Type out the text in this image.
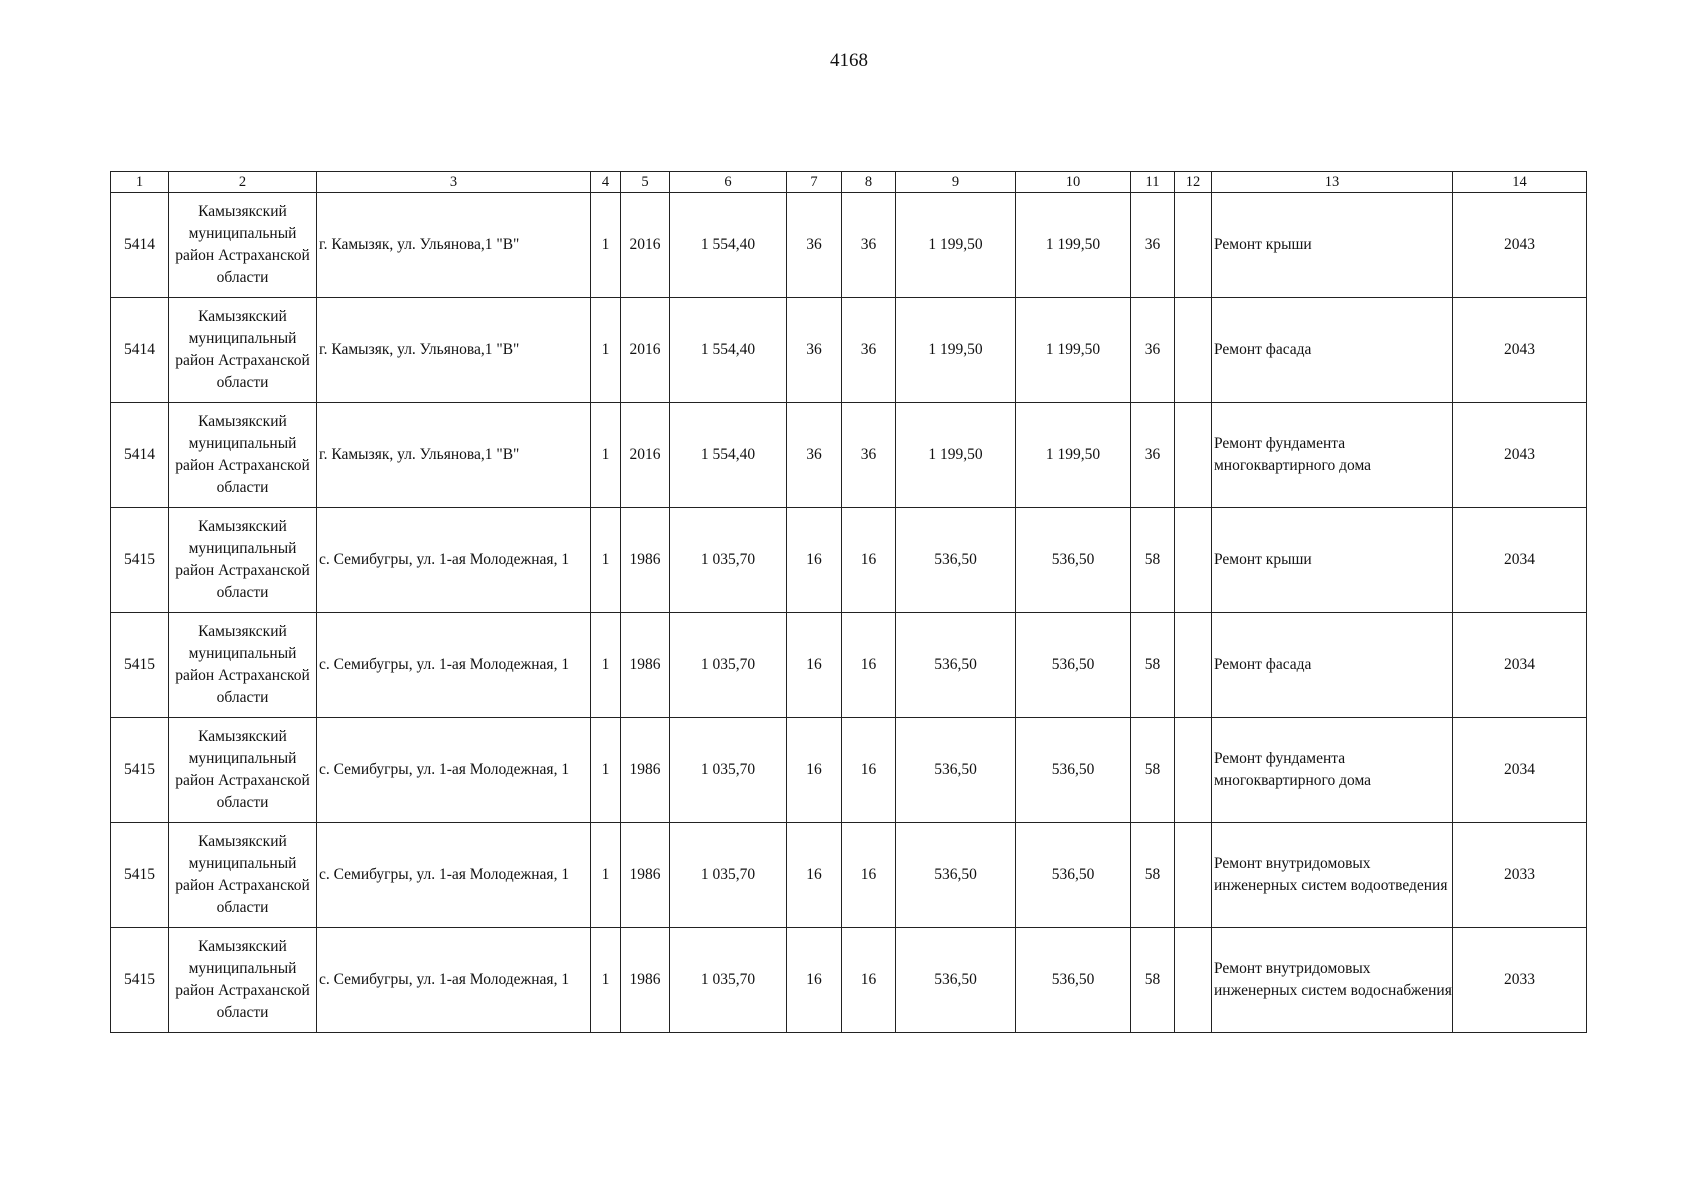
4168
1	2	3	4	5	6	7	8	9	10	11	12	13	14
5414	Камызякский муниципальный район Астраханской области	г. Камызяк, ул. Ульянова,1 "В"	1	2016	1 554,40	36	36	1 199,50	1 199,50	36		Ремонт крыши	2043
5414	Камызякский муниципальный район Астраханской области	г. Камызяк, ул. Ульянова,1 "В"	1	2016	1 554,40	36	36	1 199,50	1 199,50	36		Ремонт фасада	2043
5414	Камызякский муниципальный район Астраханской области	г. Камызяк, ул. Ульянова,1 "В"	1	2016	1 554,40	36	36	1 199,50	1 199,50	36		Ремонт фундамента многоквартирного дома	2043
5415	Камызякский муниципальный район Астраханской области	с. Семибугры, ул. 1-ая Молодежная, 1	1	1986	1 035,70	16	16	536,50	536,50	58		Ремонт крыши	2034
5415	Камызякский муниципальный район Астраханской области	с. Семибугры, ул. 1-ая Молодежная, 1	1	1986	1 035,70	16	16	536,50	536,50	58		Ремонт фасада	2034
5415	Камызякский муниципальный район Астраханской области	с. Семибугры, ул. 1-ая Молодежная, 1	1	1986	1 035,70	16	16	536,50	536,50	58		Ремонт фундамента многоквартирного дома	2034
5415	Камызякский муниципальный район Астраханской области	с. Семибугры, ул. 1-ая Молодежная, 1	1	1986	1 035,70	16	16	536,50	536,50	58		Ремонт внутридомовых инженерных систем водоотведения	2033
5415	Камызякский муниципальный район Астраханской области	с. Семибугры, ул. 1-ая Молодежная, 1	1	1986	1 035,70	16	16	536,50	536,50	58		Ремонт внутридомовых инженерных систем водоснабжения	2033
